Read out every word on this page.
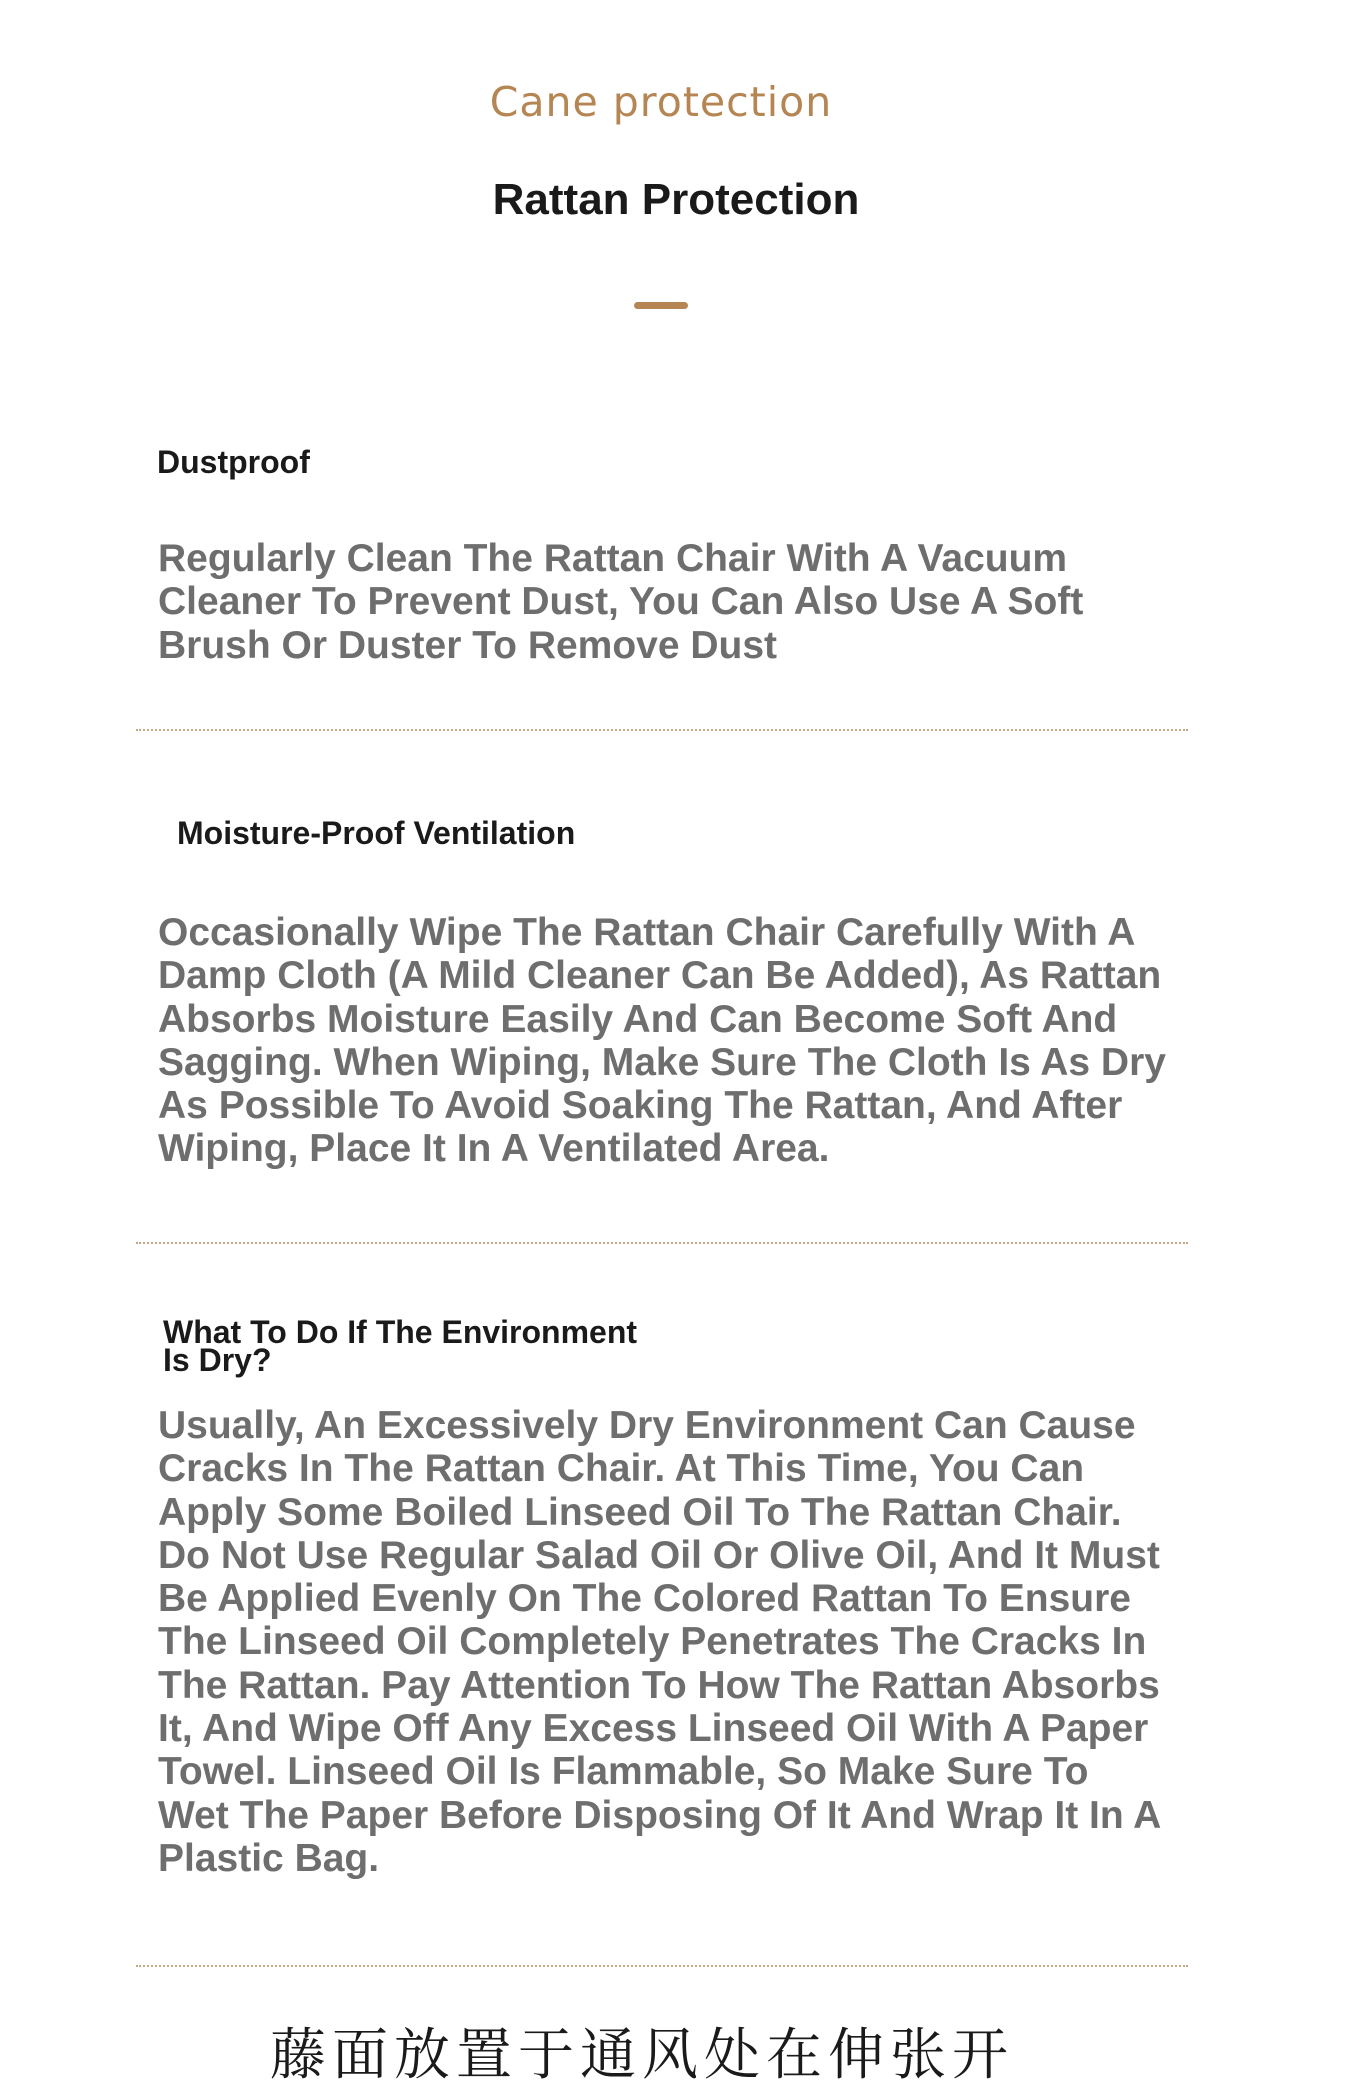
Cane protection
Rattan Protection
Dustproof
Regularly Clean The Rattan Chair With A Vacuum Cleaner To Prevent Dust, You Can Also Use A Soft Brush Or Duster To Remove Dust
Moisture-Proof Ventilation
Occasionally Wipe The Rattan Chair Carefully With A Damp Cloth (A Mild Cleaner Can Be Added), As Rattan Absorbs Moisture Easily And Can Become Soft And Sagging. When Wiping, Make Sure The Cloth Is As Dry As Possible To Avoid Soaking The Rattan, And After Wiping, Place It In A Ventilated Area.
What To Do If The Environment Is Dry?
Usually, An Excessively Dry Environment Can Cause Cracks In The Rattan Chair. At This Time, You Can Apply Some Boiled Linseed Oil To The Rattan Chair. Do Not Use Regular Salad Oil Or Olive Oil, And It Must Be Applied Evenly On The Colored Rattan To Ensure The Linseed Oil Completely Penetrates The Cracks In The Rattan. Pay Attention To How The Rattan Absorbs It, And Wipe Off Any Excess Linseed Oil With A Paper Towel. Linseed Oil Is Flammable, So Make Sure To Wet The Paper Before Disposing Of It And Wrap It In A Plastic Bag.
藤面放置于通风处在伸张开
